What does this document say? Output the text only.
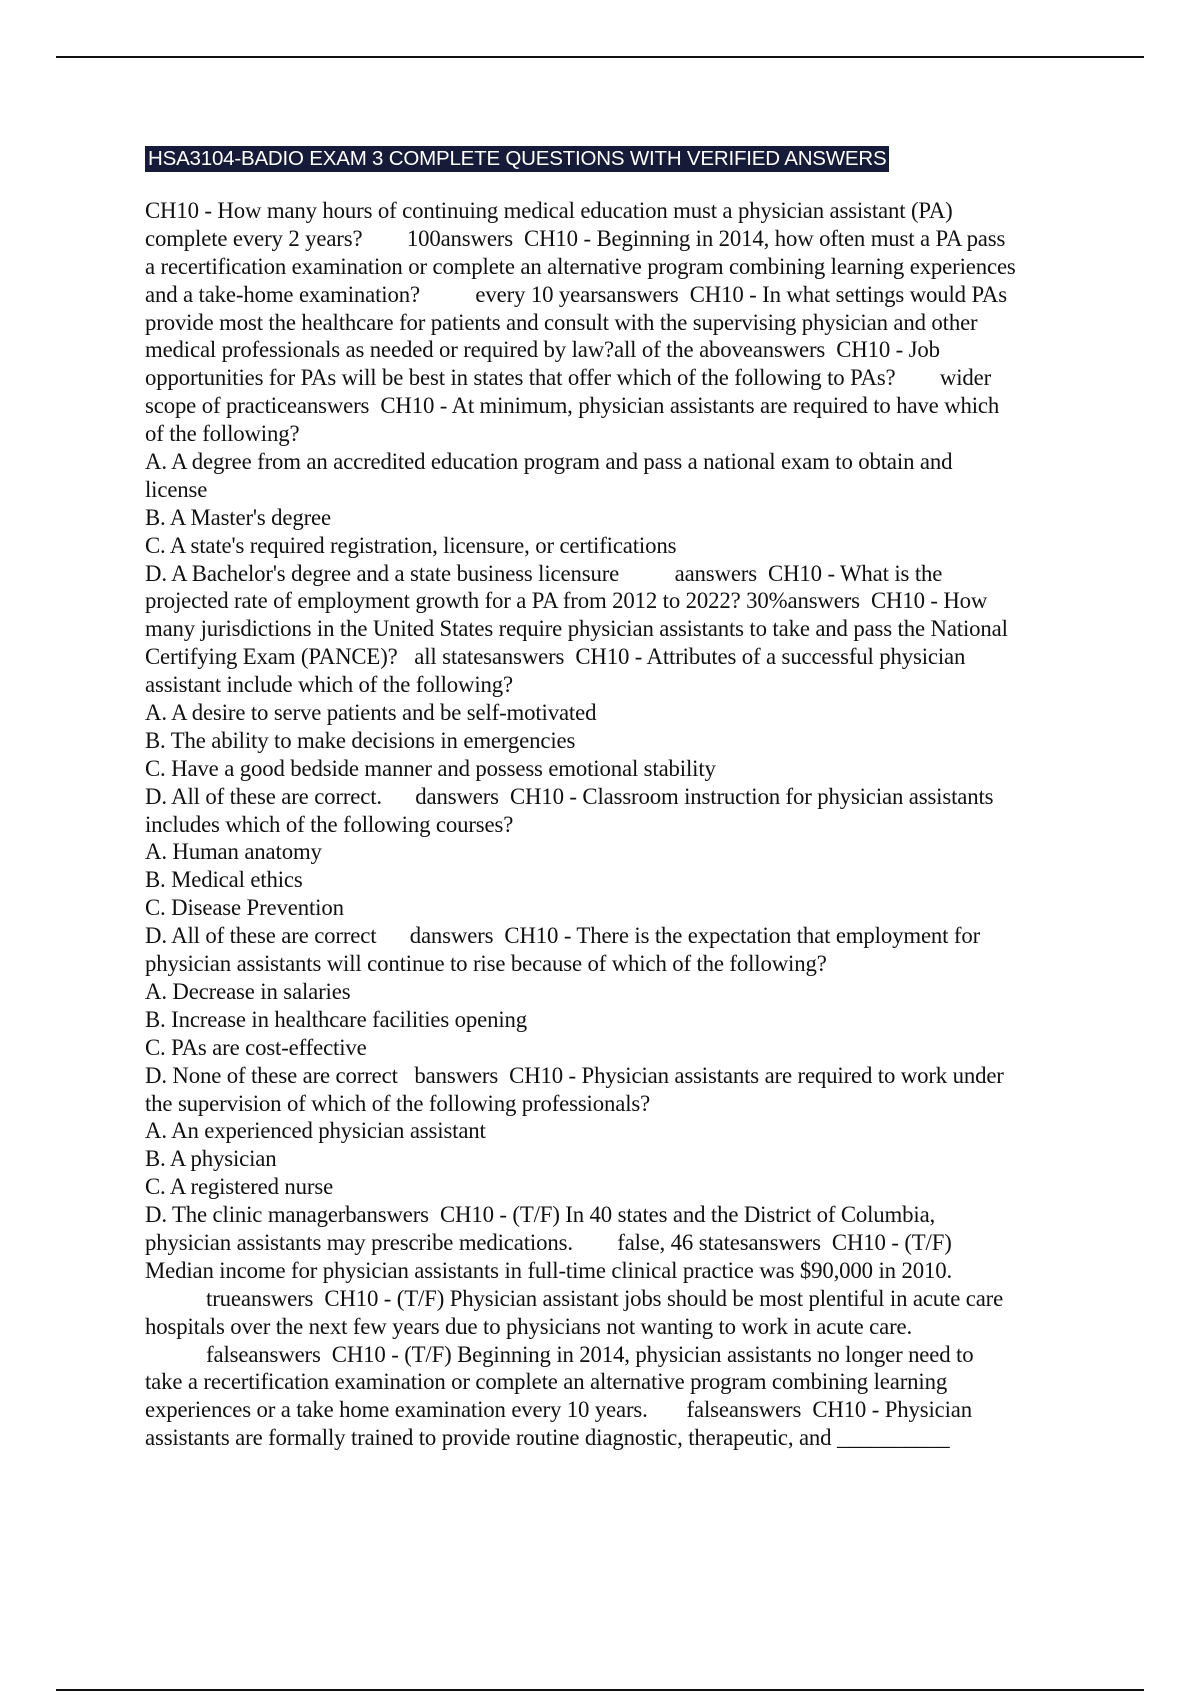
HSA3104-BADIO EXAM 3 COMPLETE QUESTIONS WITH VERIFIED ANSWERS
CH10 - How many hours of continuing medical education must a physician assistant (PA)
complete every 2 years?        100answers  CH10 - Beginning in 2014, how often must a PA pass
a recertification examination or complete an alternative program combining learning experiences
and a take-home examination?          every 10 yearsanswers  CH10 - In what settings would PAs
provide most the healthcare for patients and consult with the supervising physician and other
medical professionals as needed or required by law?all of the aboveanswers  CH10 - Job
opportunities for PAs will be best in states that offer which of the following to PAs?        wider
scope of practiceanswers  CH10 - At minimum, physician assistants are required to have which
of the following?
A. A degree from an accredited education program and pass a national exam to obtain and
license
B. A Master's degree
C. A state's required registration, licensure, or certifications
D. A Bachelor's degree and a state business licensure          aanswers  CH10 - What is the
projected rate of employment growth for a PA from 2012 to 2022? 30%answers  CH10 - How
many jurisdictions in the United States require physician assistants to take and pass the National
Certifying Exam (PANCE)?   all statesanswers  CH10 - Attributes of a successful physician
assistant include which of the following?
A. A desire to serve patients and be self-motivated
B. The ability to make decisions in emergencies
C. Have a good bedside manner and possess emotional stability
D. All of these are correct.      danswers  CH10 - Classroom instruction for physician assistants
includes which of the following courses?
A. Human anatomy
B. Medical ethics
C. Disease Prevention
D. All of these are correct      danswers  CH10 - There is the expectation that employment for
physician assistants will continue to rise because of which of the following?
A. Decrease in salaries
B. Increase in healthcare facilities opening
C. PAs are cost-effective
D. None of these are correct   banswers  CH10 - Physician assistants are required to work under
the supervision of which of the following professionals?
A. An experienced physician assistant
B. A physician
C. A registered nurse
D. The clinic managerbanswers  CH10 - (T/F) In 40 states and the District of Columbia,
physician assistants may prescribe medications.        false, 46 statesanswers  CH10 - (T/F)
Median income for physician assistants in full-time clinical practice was $90,000 in 2010.
trueanswers  CH10 - (T/F) Physician assistant jobs should be most plentiful in acute care
hospitals over the next few years due to physicians not wanting to work in acute care.
falseanswers  CH10 - (T/F) Beginning in 2014, physician assistants no longer need to
take a recertification examination or complete an alternative program combining learning
experiences or a take home examination every 10 years.       falseanswers  CH10 - Physician
assistants are formally trained to provide routine diagnostic, therapeutic, and __________
